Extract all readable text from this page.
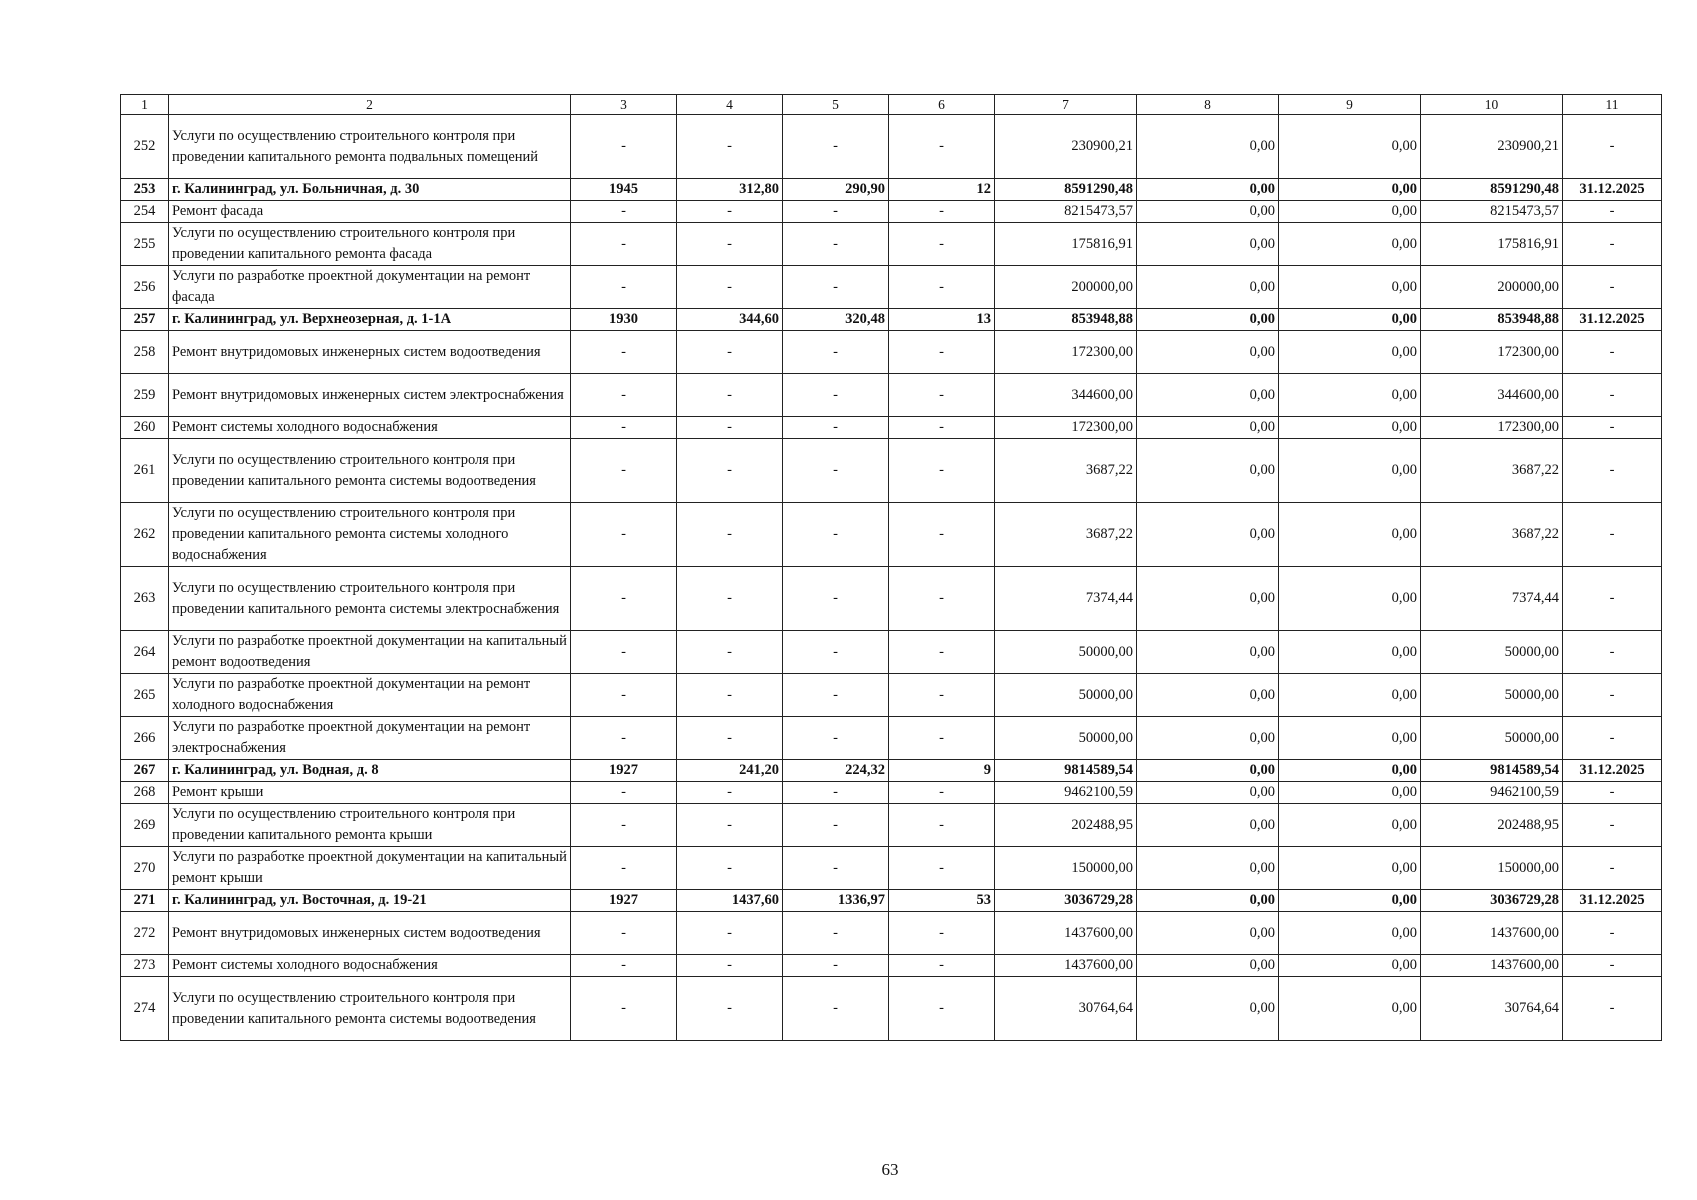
1	2	3	4	5	6	7	8	9	10	11
252	Услуги по осуществлению строительного контроля при проведении капитального ремонта подвальных помещений	-	-	-	-	230900,21	0,00	0,00	230900,21	-
253	г. Калининград, ул. Больничная, д. 30	1945	312,80	290,90	12	8591290,48	0,00	0,00	8591290,48	31.12.2025
254	Ремонт фасада	-	-	-	-	8215473,57	0,00	0,00	8215473,57	-
255	Услуги по осуществлению строительного контроля при проведении капитального ремонта фасада	-	-	-	-	175816,91	0,00	0,00	175816,91	-
256	Услуги по разработке проектной документации на ремонт фасада	-	-	-	-	200000,00	0,00	0,00	200000,00	-
257	г. Калининград, ул. Верхнеозерная, д. 1-1А	1930	344,60	320,48	13	853948,88	0,00	0,00	853948,88	31.12.2025
258	Ремонт внутридомовых инженерных систем водоотведения	-	-	-	-	172300,00	0,00	0,00	172300,00	-
259	Ремонт внутридомовых инженерных систем электроснабжения	-	-	-	-	344600,00	0,00	0,00	344600,00	-
260	Ремонт системы холодного водоснабжения	-	-	-	-	172300,00	0,00	0,00	172300,00	-
261	Услуги по осуществлению строительного контроля при проведении капитального ремонта системы водоотведения	-	-	-	-	3687,22	0,00	0,00	3687,22	-
262	Услуги по осуществлению строительного контроля при проведении капитального ремонта системы холодного водоснабжения	-	-	-	-	3687,22	0,00	0,00	3687,22	-
263	Услуги по осуществлению строительного контроля при проведении капитального ремонта системы электроснабжения	-	-	-	-	7374,44	0,00	0,00	7374,44	-
264	Услуги по разработке проектной документации на капитальный ремонт водоотведения	-	-	-	-	50000,00	0,00	0,00	50000,00	-
265	Услуги по разработке проектной документации на ремонт холодного водоснабжения	-	-	-	-	50000,00	0,00	0,00	50000,00	-
266	Услуги по разработке проектной документации на ремонт электроснабжения	-	-	-	-	50000,00	0,00	0,00	50000,00	-
267	г. Калининград, ул. Водная, д. 8	1927	241,20	224,32	9	9814589,54	0,00	0,00	9814589,54	31.12.2025
268	Ремонт крыши	-	-	-	-	9462100,59	0,00	0,00	9462100,59	-
269	Услуги по осуществлению строительного контроля при проведении капитального ремонта крыши	-	-	-	-	202488,95	0,00	0,00	202488,95	-
270	Услуги по разработке проектной документации на капитальный ремонт крыши	-	-	-	-	150000,00	0,00	0,00	150000,00	-
271	г. Калининград, ул. Восточная, д. 19-21	1927	1437,60	1336,97	53	3036729,28	0,00	0,00	3036729,28	31.12.2025
272	Ремонт внутридомовых инженерных систем водоотведения	-	-	-	-	1437600,00	0,00	0,00	1437600,00	-
273	Ремонт системы холодного водоснабжения	-	-	-	-	1437600,00	0,00	0,00	1437600,00	-
274	Услуги по осуществлению строительного контроля при проведении капитального ремонта системы водоотведения	-	-	-	-	30764,64	0,00	0,00	30764,64	-
63
